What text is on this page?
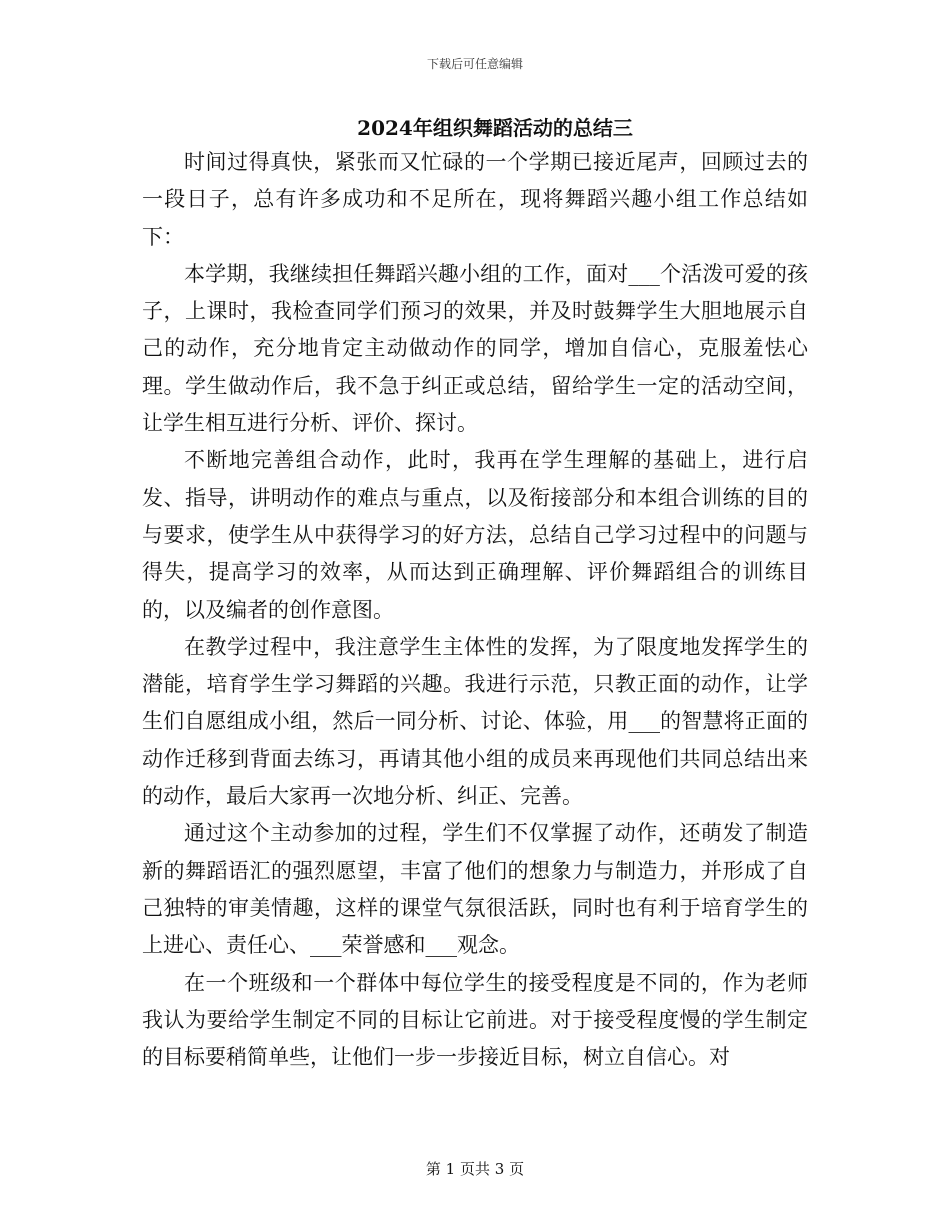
下载后可任意编辑
2024年组织舞蹈活动的总结三

时间过得真快，紧张而又忙碌的一个学期已接近尾声，回顾过去的一段日子，总有许多成功和不足所在，现将舞蹈兴趣小组工作总结如下：

本学期，我继续担任舞蹈兴趣小组的工作，面对___个活泼可爱的孩子，上课时，我检查同学们预习的效果，并及时鼓舞学生大胆地展示自己的动作，充分地肯定主动做动作的同学，增加自信心，克服羞怯心理。学生做动作后，我不急于纠正或总结，留给学生一定的活动空间，让学生相互进行分析、评价、探讨。

不断地完善组合动作，此时，我再在学生理解的基础上，进行启发、指导，讲明动作的难点与重点，以及衔接部分和本组合训练的目的与要求，使学生从中获得学习的好方法，总结自己学习过程中的问题与得失，提高学习的效率，从而达到正确理解、评价舞蹈组合的训练目的，以及编者的创作意图。

在教学过程中，我注意学生主体性的发挥，为了限度地发挥学生的潜能，培育学生学习舞蹈的兴趣。我进行示范，只教正面的动作，让学生们自愿组成小组，然后一同分析、讨论、体验，用___的智慧将正面的动作迁移到背面去练习，再请其他小组的成员来再现他们共同总结出来的动作，最后大家再一次地分析、纠正、完善。

通过这个主动参加的过程，学生们不仅掌握了动作，还萌发了制造新的舞蹈语汇的强烈愿望，丰富了他们的想象力与制造力，并形成了自己独特的审美情趣，这样的课堂气氛很活跃，同时也有利于培育学生的上进心、责任心、___荣誉感和___观念。

在一个班级和一个群体中每位学生的接受程度是不同的，作为老师我认为要给学生制定不同的目标让它前进。对于接受程度慢的学生制定的目标要稍简单些，让他们一步一步接近目标，树立自信心。对

第 1 页共 3 页
